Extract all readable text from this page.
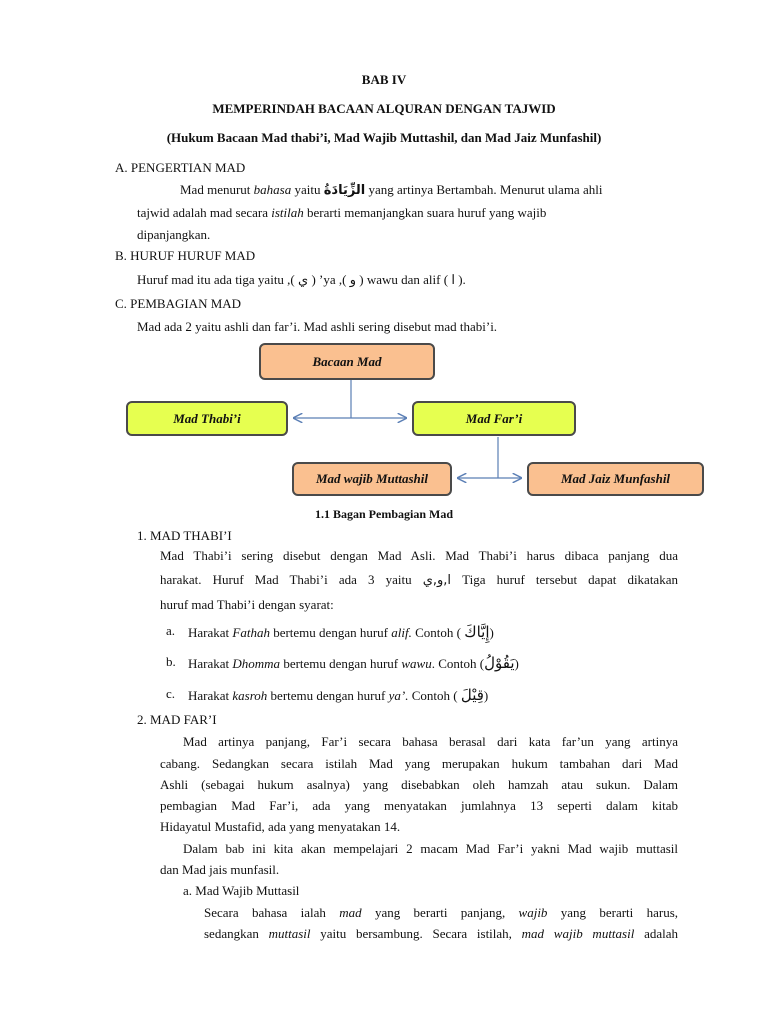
BAB IV
MEMPERINDAH BACAAN ALQURAN DENGAN TAJWID
(Hukum Bacaan Mad thabi’i, Mad Wajib Muttashil, dan Mad Jaiz Munfashil)
A. PENGERTIAN MAD
Mad menurut bahasa yaitu الزِّيَادَةُ yang artinya Bertambah. Menurut ulama ahli
tajwid adalah mad secara istilah berarti memanjangkan suara huruf yang wajib
dipanjangkan.
B. HURUF HURUF MAD
Huruf mad itu ada tiga yaitu ,( ي ) ’ya ,( و ) wawu dan alif ( ا ).
C. PEMBAGIAN MAD
Mad ada 2 yaitu ashli dan far’i. Mad ashli sering disebut mad thabi’i.
Bacaan Mad
Mad Thabi’i	Mad Far’i
Mad wajib Muttashil	Mad Jaiz Munfashil
1.1 Bagan Pembagian Mad
1. MAD THABI’I
Mad Thabi’i sering disebut dengan Mad Asli. Mad Thabi’i harus dibaca panjang dua
harakat. Huruf Mad Thabi’i ada 3 yaitu ا,و,ي Tiga huruf tersebut dapat dikatakan
huruf mad Thabi’i dengan syarat:
a. Harakat Fathah bertemu dengan huruf alif. Contoh ( إِيَّاكَ)
b. Harakat Dhomma bertemu dengan huruf wawu. Contoh (يَقُوْلُ)
c. Harakat kasroh bertemu dengan huruf ya’. Contoh ( قِيْلَ)
2. MAD FAR’I
Mad artinya panjang, Far’i secara bahasa berasal dari kata far’un yang artinya
cabang. Sedangkan secara istilah Mad yang merupakan hukum tambahan dari Mad
Ashli (sebagai hukum asalnya) yang disebabkan oleh hamzah atau sukun. Dalam
pembagian Mad Far’i, ada yang menyatakan jumlahnya 13 seperti dalam kitab
Hidayatul Mustafid, ada yang menyatakan 14.
Dalam bab ini kita akan mempelajari 2 macam Mad Far’i yakni Mad wajib muttasil
dan Mad jais munfasil.
a. Mad Wajib Muttasil
Secara bahasa ialah mad yang berarti panjang, wajib yang berarti harus,
sedangkan muttasil yaitu bersambung. Secara istilah, mad wajib muttasil adalah
